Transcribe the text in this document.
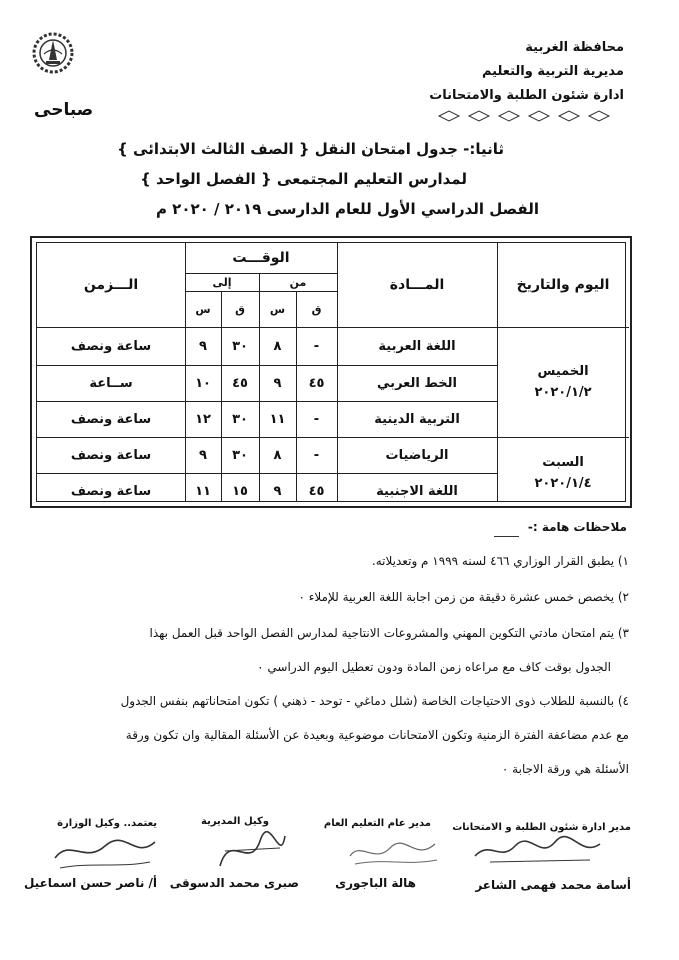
محافظة الغربية
مديرية التربية والتعليم
ادارة شئون الطلبة والامتحانات
صباحى
ثانيا:- جدول امتحان النقل { الصف الثالث الابتدائى }
لمدارس التعليم المجتمعى { الفصل الواحد }
الفصل الدراسي الأول للعام الدارسى ٢٠١٩ / ٢٠٢٠ م
اليوم والتاريخ
المـــادة
الوقـــت
من
إلى
ق
س
ق
س
الـــزمن
الخميس
٢٠٢٠/١/٢
السبت
٢٠٢٠/١/٤
اللغة العربية
-
٨
٣٠
٩
ساعة ونصف
الخط العربي
٤٥
٩
٤٥
١٠
ســاعة
التربية الدينية
-
١١
٣٠
١٢
ساعة ونصف
الرياضيات
-
٨
٣٠
٩
ساعة ونصف
اللغة الاجنبية
٤٥
٩
١٥
١١
ساعة ونصف
ملاحظات هامة :-
١) يطبق القرار الوزاري ٤٦٦ لسنه ١٩٩٩ م وتعديلاته.
٢) يخصص خمس عشرة دقيقة من زمن اجابة اللغة العربية للإملاء ٠
٣) يتم امتحان مادتي التكوين المهني والمشروعات الانتاجية لمدارس الفصل الواحد قبل العمل بهذا
الجدول بوقت كاف مع مراعاه زمن المادة ودون تعطيل اليوم الدراسي ٠
٤) بالنسبة للطلاب ذوى الاحتياجات الخاصة (شلل دماغي - توحد - ذهني ) تكون امتحاناتهم بنفس الجدول
مع عدم مضاعفة الفترة الزمنية وتكون الامتحانات موضوعية وبعيدة عن الأسئلة المقالية وان تكون ورقة
الأسئلة هي ورقة الاجابة ٠
مدير ادارة شئون الطلبة و الامتحانات
مدير عام التعليم العام
وكيل المديرية
يعتمد.. وكيل الوزارة
أسامة محمد فهمى الشاعر
هالة الباجورى
صبرى محمد الدسوقى
أ/ ناصر حسن اسماعيل
